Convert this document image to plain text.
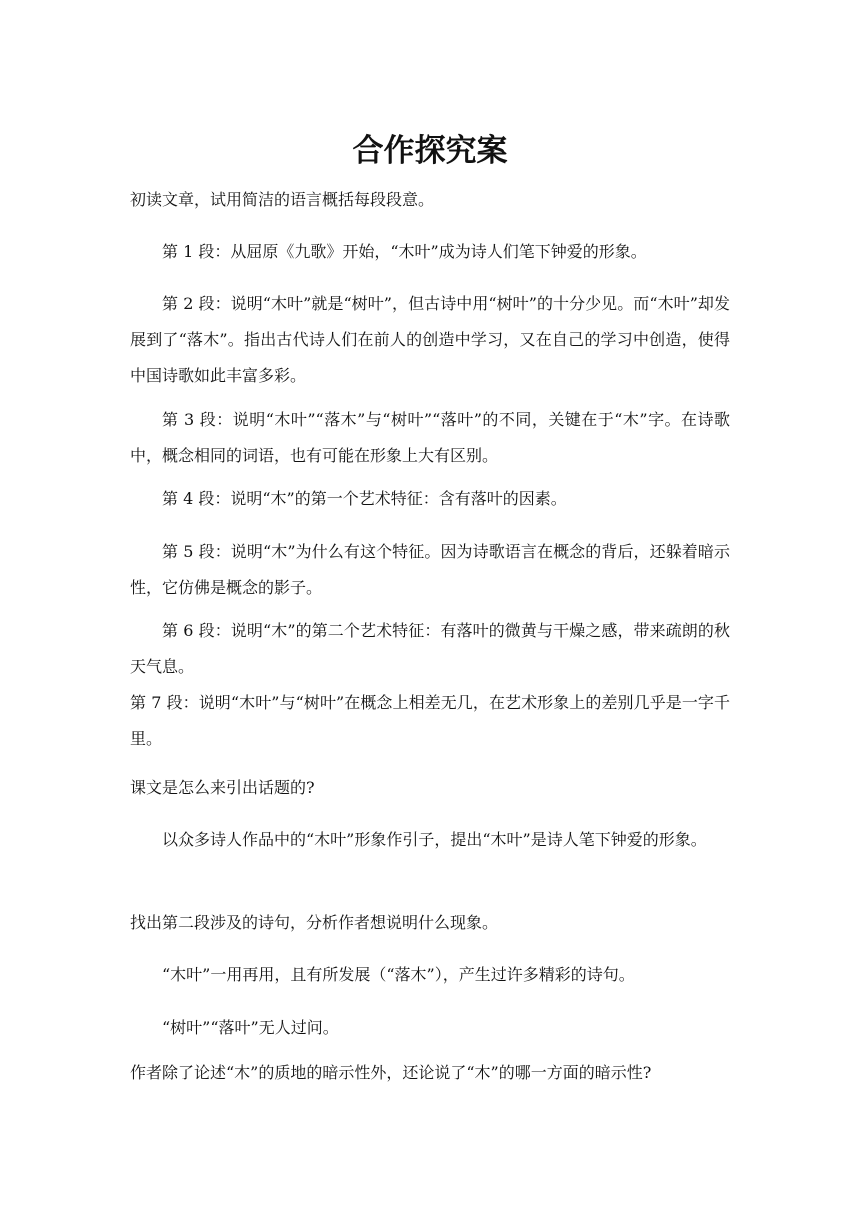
合作探究案

初读文章，试用简洁的语言概括每段段意。

第 1 段：从屈原《九歌》开始，“木叶”成为诗人们笔下钟爱的形象。

第 2 段：说明“木叶”就是“树叶”，但古诗中用“树叶”的十分少见。而“木叶”却发展到了“落木”。指出古代诗人们在前人的创造中学习，又在自己的学习中创造，使得中国诗歌如此丰富多彩。

第 3 段：说明“木叶”“落木”与“树叶”“落叶”的不同，关键在于“木”字。在诗歌中，概念相同的词语，也有可能在形象上大有区别。

第 4 段：说明“木”的第一个艺术特征：含有落叶的因素。

第 5 段：说明“木”为什么有这个特征。因为诗歌语言在概念的背后，还躲着暗示性，它仿佛是概念的影子。

第 6 段：说明“木”的第二个艺术特征：有落叶的微黄与干燥之感，带来疏朗的秋天气息。

第 7 段：说明“木叶”与“树叶”在概念上相差无几，在艺术形象上的差别几乎是一字千里。

课文是怎么来引出话题的?

以众多诗人作品中的“木叶”形象作引子，提出“木叶”是诗人笔下钟爱的形象。

找出第二段涉及的诗句，分析作者想说明什么现象。

“木叶”一用再用，且有所发展（“落木”），产生过许多精彩的诗句。

“树叶”“落叶”无人过问。

作者除了论述“木”的质地的暗示性外，还论说了“木”的哪一方面的暗示性?
